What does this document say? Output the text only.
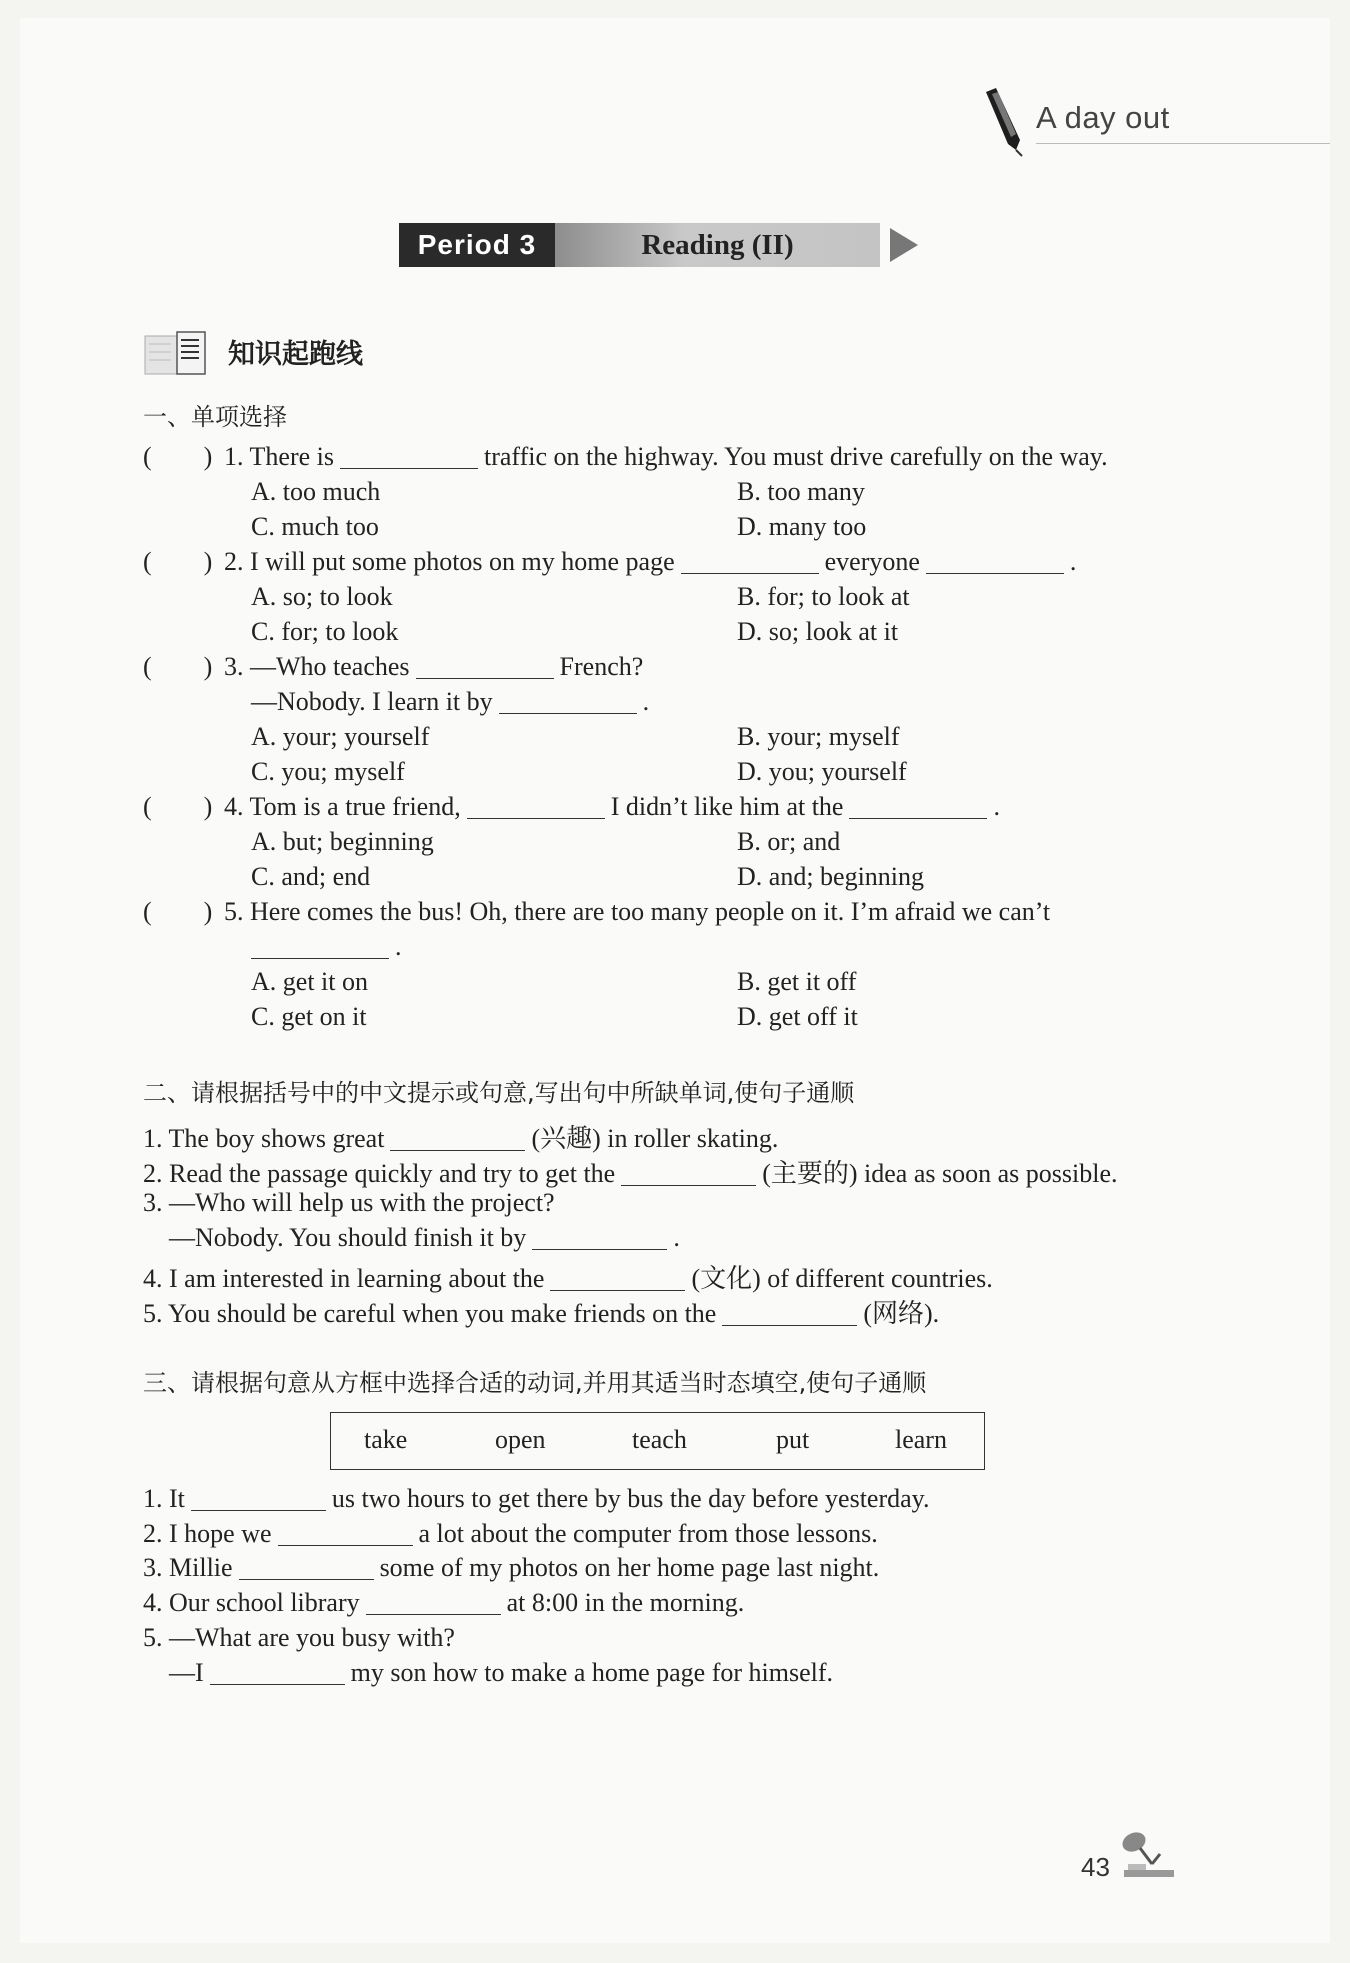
A day out
Period 3	Reading (II)
知识起跑线
一、单项选择
( ) 1. There is	traffic on the highway. You must drive carefully on the way.
A. too much	B. too many
C. much too	D. many too
( ) 2. I will put some photos on my home page	everyone	.
A. so; to look	B. for; to look at
C. for; to look	D. so; look at it
( ) 3. —Who teaches	French?
—Nobody. I learn it by	.
A. your; yourself	B. your; myself
C. you; myself	D. you; yourself
( ) 4. Tom is a true friend,	I didn’t like him at the	.
A. but; beginning	B. or; and
C. and; end	D. and; beginning
( ) 5. Here comes the bus! Oh, there are too many people on it. I’m afraid we can’t
.
A. get it on	B. get it off
C. get on it	D. get off it
二、请根据括号中的中文提示或句意,写出句中所缺单词,使句子通顺
1. The boy shows great	(兴趣) in roller skating.
2. Read the passage quickly and try to get the	(主要的) idea as soon as possible.
3. —Who will help us with the project?
—Nobody. You should finish it by	.
4. I am interested in learning about the	(文化) of different countries.
5. You should be careful when you make friends on the	(网络).
三、请根据句意从方框中选择合适的动词,并用其适当时态填空,使句子通顺
take	open	teach	put	learn
1. It	us two hours to get there by bus the day before yesterday.
2. I hope we	a lot about the computer from those lessons.
3. Millie	some of my photos on her home page last night.
4. Our school library	at 8:00 in the morning.
5. —What are you busy with?
—I	my son how to make a home page for himself.
43
